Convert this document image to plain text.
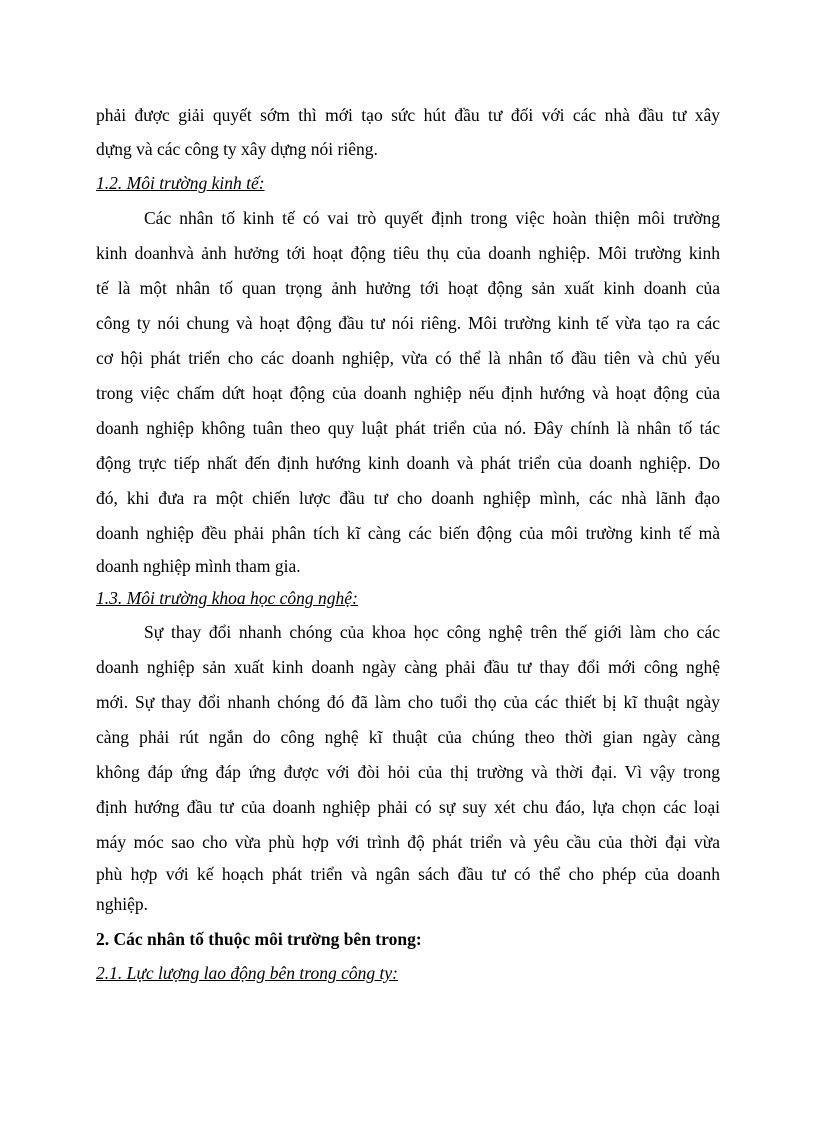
phải được giải quyết sớm thì mới tạo sức hút đầu tư đối với các nhà đầu tư xây
dựng và các công ty xây dựng nói riêng.
1.2. Môi trường kinh tế:
Các nhân tố kinh tế có vai trò quyết định trong việc hoàn thiện môi trường
kinh doanhvà ảnh hưởng tới hoạt động tiêu thụ của doanh nghiệp. Môi trường kinh
tế là một nhân tố quan trọng ảnh hưởng tới hoạt động sản xuất kinh doanh của
công ty nói chung và hoạt động đầu tư nói riêng. Môi trường kinh tế vừa tạo ra các
cơ hội phát triển cho các doanh nghiệp, vừa có thể là nhân tố đầu tiên và chủ yếu
trong việc chấm dứt hoạt động của doanh nghiệp nếu định hướng và hoạt động của
doanh nghiệp không tuân theo quy luật phát triển của nó. Đây chính là nhân tố tác
động trực tiếp nhất đến định hướng kinh doanh và phát triển của doanh nghiệp. Do
đó, khi đưa ra một chiến lược đầu tư cho doanh nghiệp mình, các nhà lãnh đạo
doanh nghiệp đều phải phân tích kĩ càng các biến động của môi trường kinh tế mà
doanh nghiệp mình tham gia.
1.3. Môi trường khoa học công nghệ:
Sự thay đổi nhanh chóng của khoa học công nghệ trên thế giới làm cho các
doanh nghiệp sản xuất kinh doanh ngày càng phải đầu tư thay đổi mới công nghệ
mới. Sự thay đổi nhanh chóng đó đã làm cho tuổi thọ của các thiết bị kĩ thuật ngày
càng phải rút ngắn do công nghệ kĩ thuật của chúng theo thời gian ngày càng
không đáp ứng đáp ứng được với đòi hỏi của thị trường và thời đại. Vì vậy trong
định hướng đầu tư của doanh nghiệp phải có sự suy xét chu đáo, lựa chọn các loại
máy móc sao cho vừa phù hợp với trình độ phát triển và yêu cầu của thời đại vừa
phù hợp với kế hoạch phát triển và ngân sách đầu tư có thể cho phép của doanh
nghiệp.
2. Các nhân tố thuộc môi trường bên trong:
2.1. Lực lượng lao động bên trong công ty:
